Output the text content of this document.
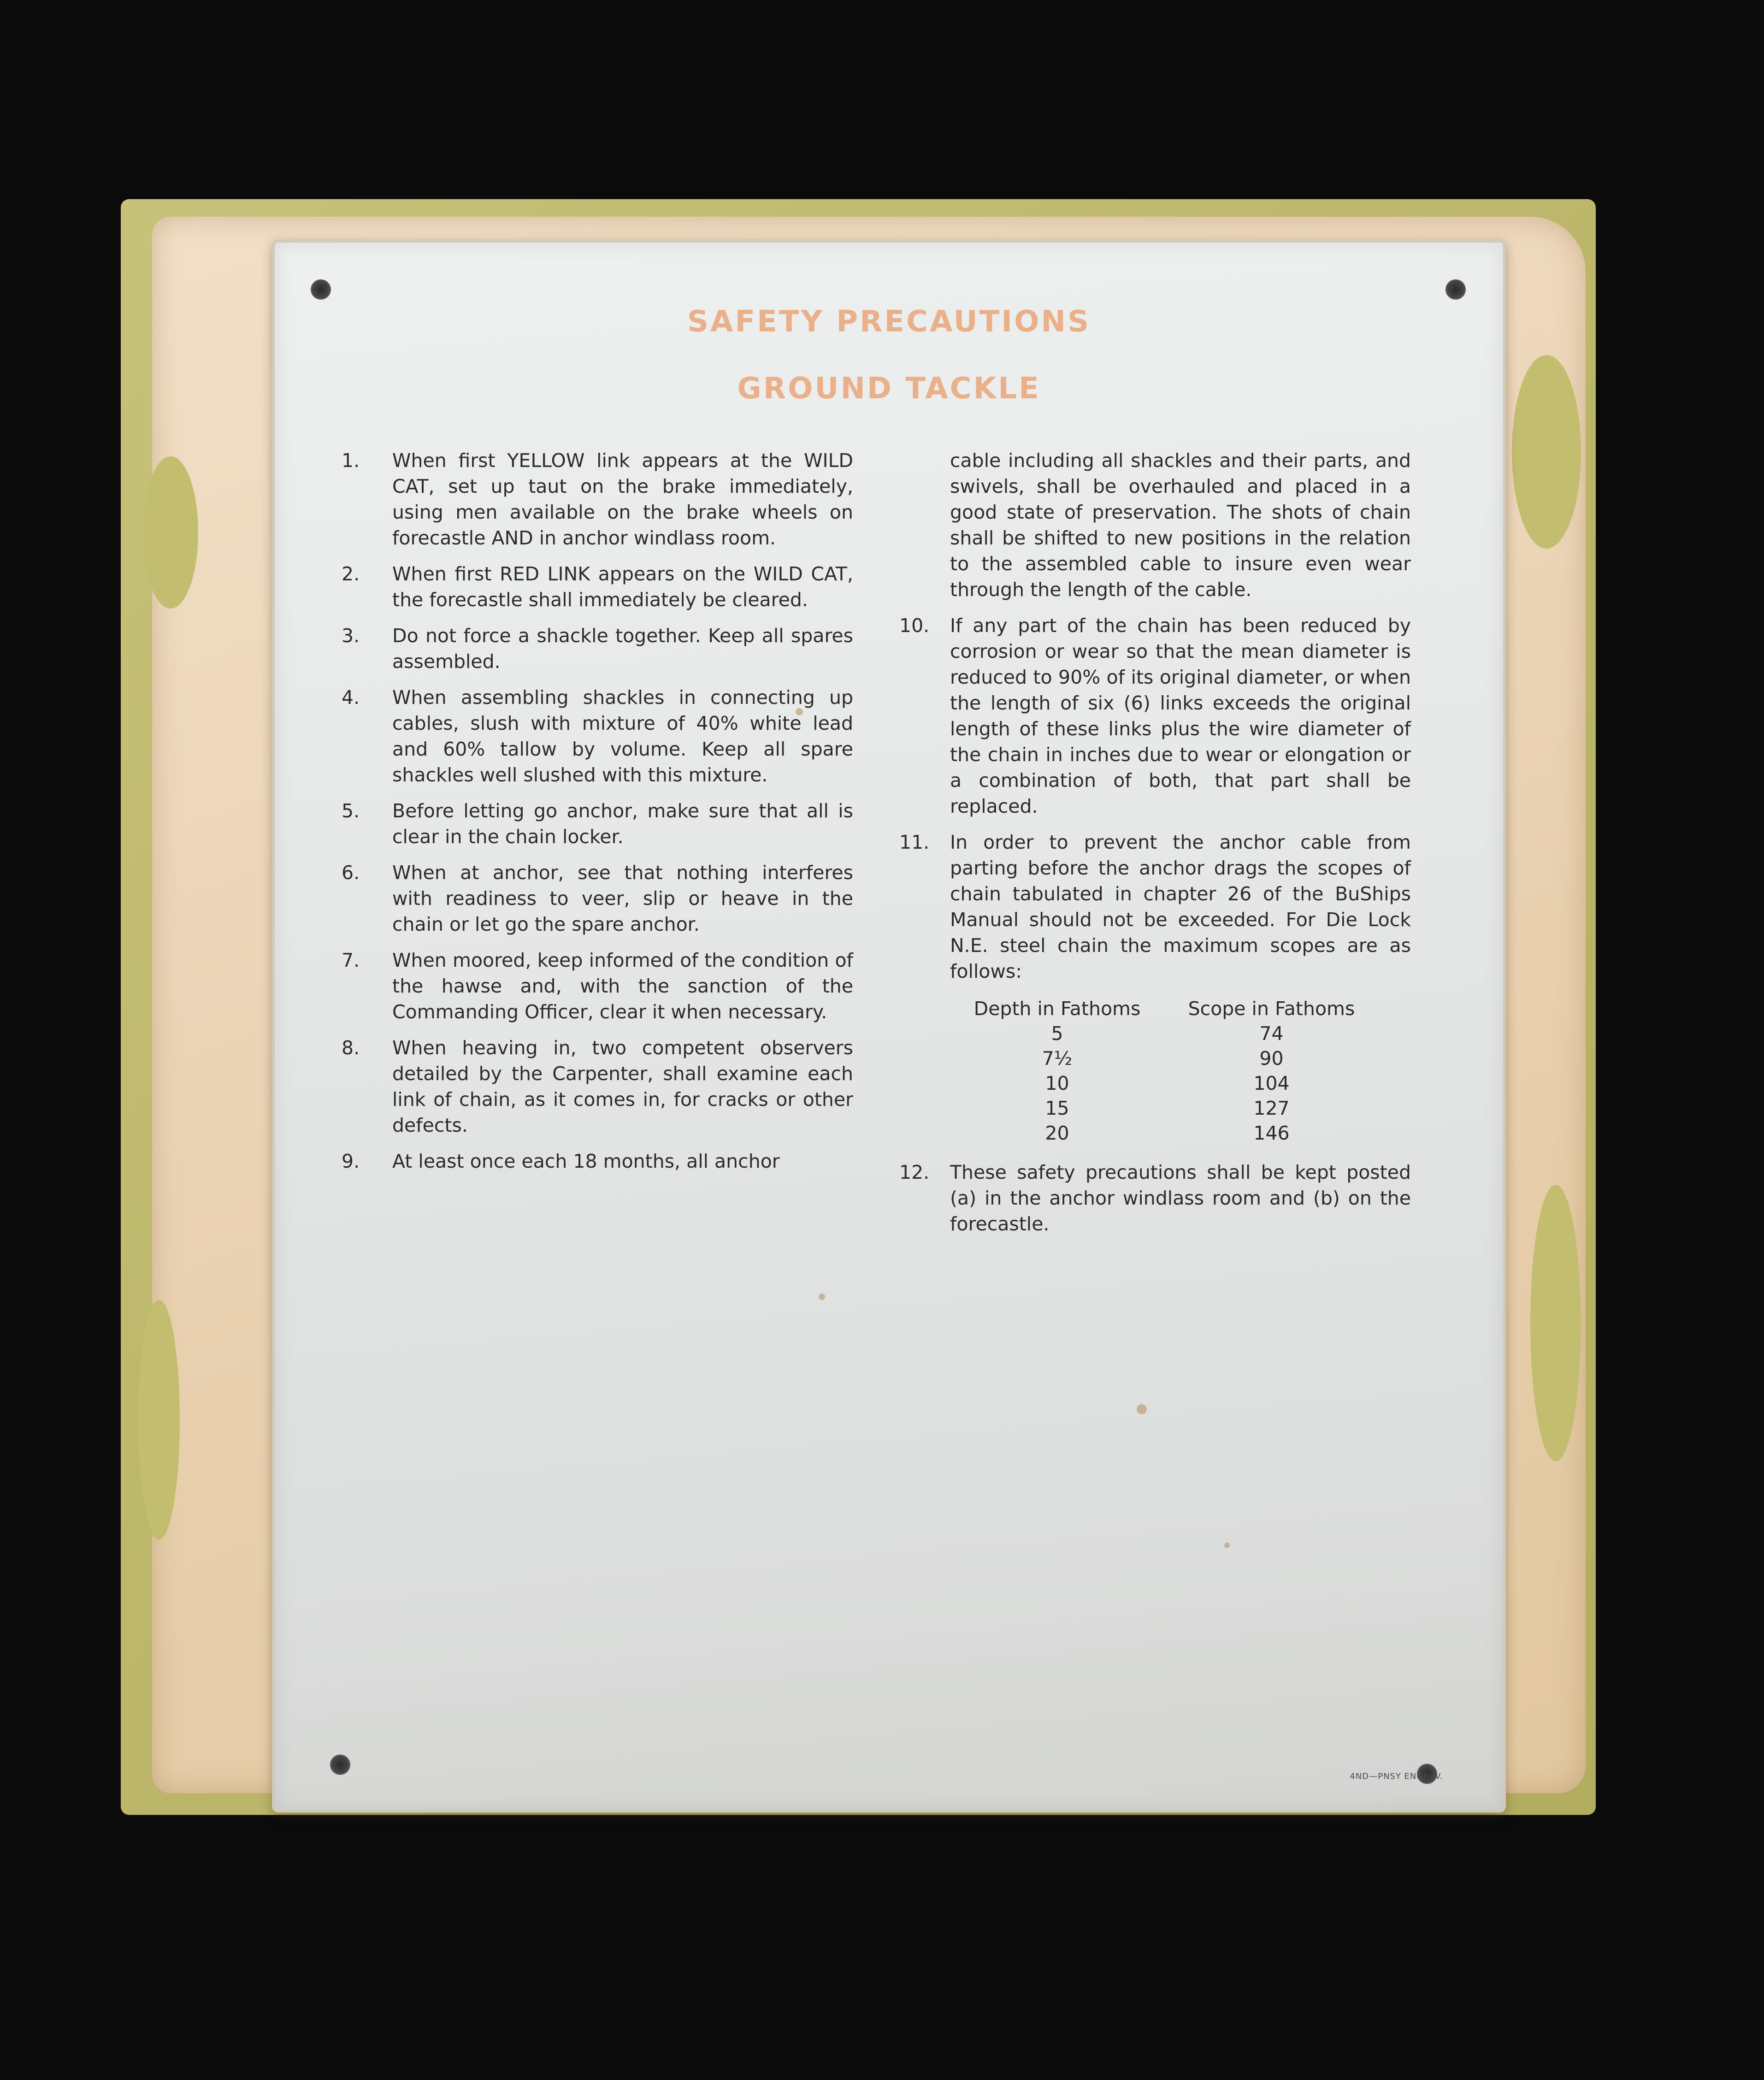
SAFETY PRECAUTIONS
GROUND TACKLE
1.	When first YELLOW link appears at the WILD CAT, set up taut on the brake immediately, using men available on the brake wheels on forecastle AND in anchor windlass room.
2.	When first RED LINK appears on the WILD CAT, the forecastle shall immediately be cleared.
3.	Do not force a shackle together. Keep all spares assembled.
4.	When assembling shackles in connecting up cables, slush with mixture of 40% white lead and 60% tallow by volume. Keep all spare shackles well slushed with this mixture.
5.	Before letting go anchor, make sure that all is clear in the chain locker.
6.	When at anchor, see that nothing interferes with readiness to veer, slip or heave in the chain or let go the spare anchor.
7.	When moored, keep informed of the condition of the hawse and, with the sanction of the Commanding Officer, clear it when necessary.
8.	When heaving in, two competent observers detailed by the Carpenter, shall examine each link of chain, as it comes in, for cracks or other defects.
9.	At least once each 18 months, all anchor
cable including all shackles and their parts, and swivels, shall be overhauled and placed in a good state of preservation. The shots of chain shall be shifted to new positions in the relation to the assembled cable to insure even wear through the length of the cable.
10.	If any part of the chain has been reduced by corrosion or wear so that the mean diameter is reduced to 90% of its original diameter, or when the length of six (6) links exceeds the original length of these links plus the wire diameter of the chain in inches due to wear or elongation or a combination of both, that part shall be replaced.
11.	In order to prevent the anchor cable from parting before the anchor drags the scopes of chain tabulated in chapter 26 of the BuShips Manual should not be exceeded. For Die Lock N.E. steel chain the maximum scopes are as follows:
Depth in Fathoms	Scope in Fathoms
5	74
7½	90
10	104
15	127
20	146
12.	These safety precautions shall be kept posted (a) in the anchor windlass room and (b) on the forecastle.
4ND—PNSY ENGRAV.
